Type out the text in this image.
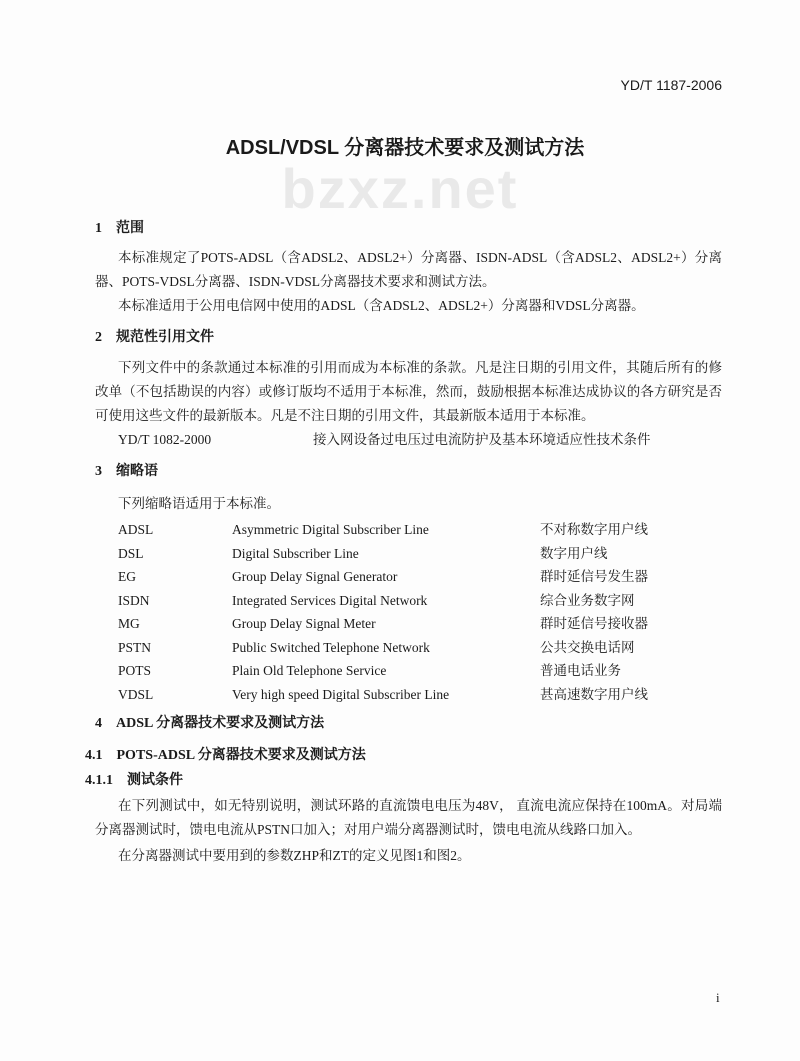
bzxz.net
YD/T 1187-2006
ADSL/VDSL 分离器技术要求及测试方法
1　范围
本标准规定了POTS-ADSL（含ADSL2、ADSL2+）分离器、ISDN-ADSL（含ADSL2、ADSL2+）分离器、POTS-VDSL分离器、ISDN-VDSL分离器技术要求和测试方法。
本标准适用于公用电信网中使用的ADSL（含ADSL2、ADSL2+）分离器和VDSL分离器。
2　规范性引用文件
下列文件中的条款通过本标准的引用而成为本标准的条款。凡是注日期的引用文件，其随后所有的修改单（不包括勘误的内容）或修订版均不适用于本标准，然而，鼓励根据本标准达成协议的各方研究是否可使用这些文件的最新版本。凡是不注日期的引用文件，其最新版本适用于本标准。
YD/T 1082-2000	接入网设备过电压过电流防护及基本环境适应性技术条件
3　缩略语
下列缩略语适用于本标准。
ADSL	Asymmetric Digital Subscriber Line	不对称数字用户线
DSL	Digital Subscriber Line	数字用户线
EG	Group Delay Signal Generator	群时延信号发生器
ISDN	Integrated Services Digital Network	综合业务数字网
MG	Group Delay Signal Meter	群时延信号接收器
PSTN	Public Switched Telephone Network	公共交换电话网
POTS	Plain Old Telephone Service	普通电话业务
VDSL	Very high speed Digital Subscriber Line	甚高速数字用户线
4　ADSL 分离器技术要求及测试方法
4.1　POTS-ADSL 分离器技术要求及测试方法
4.1.1　测试条件
在下列测试中，如无特别说明，测试环路的直流馈电电压为48V， 直流电流应保持在100mA。对局端分离器测试时，馈电电流从PSTN口加入；对用户端分离器测试时，馈电电流从线路口加入。
在分离器测试中要用到的参数ZHP和ZT的定义见图1和图2。
i
